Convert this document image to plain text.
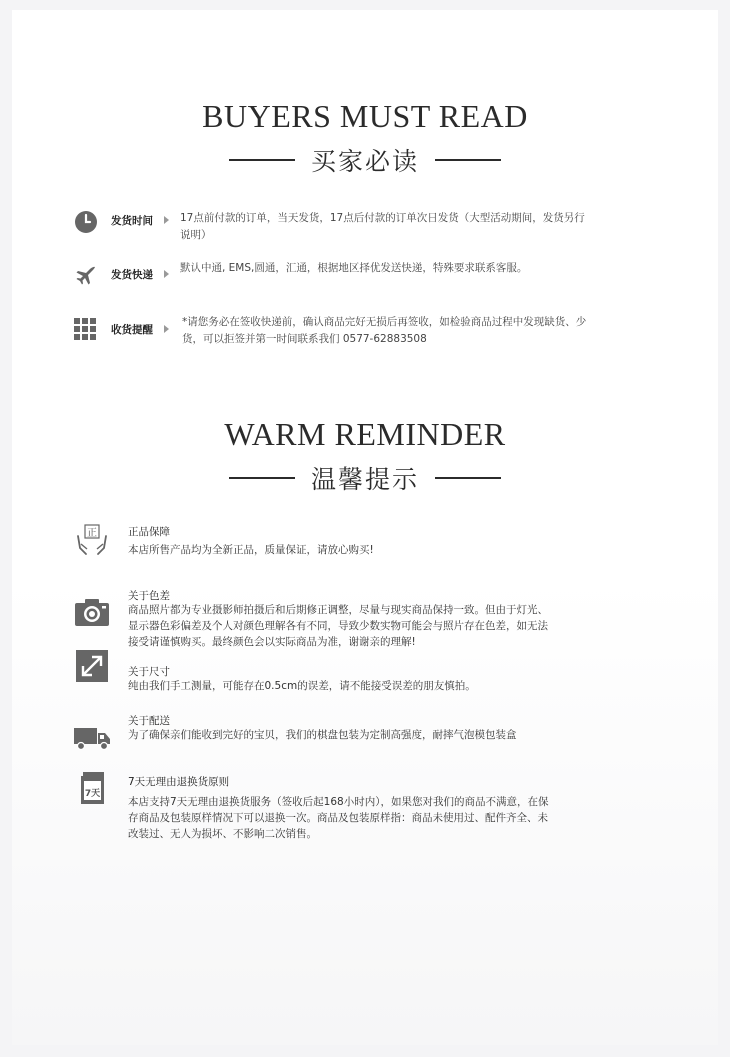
BUYERS MUST READ
买家必读
发货时间	17点前付款的订单，当天发货，17点后付款的订单次日发货（大型活动期间，发货另行说明）
发货快递
默认中通, EMS,圆通，汇通，根据地区择优发送快递，特殊要求联系客服。
收货提醒
*请您务必在签收快递前，确认商品完好无损后再签收，如检验商品过程中发现缺货、少货，可以拒签并第一时间联系我们 0577-62883508
WARM REMINDER
温馨提示
正	正品保障
本店所售产品均为全新正品，质量保证，请放心购买!
关于色差
商品照片都为专业摄影师拍摄后和后期修正调整，尽量与现实商品保持一致。但由于灯光、显示器色彩偏差及个人对颜色理解各有不同，导致少数实物可能会与照片存在色差，如无法接受请谨慎购买。最终颜色会以实际商品为准，谢谢亲的理解!
关于尺寸
纯由我们手工测量，可能存在0.5cm的误差，请不能接受误差的朋友慎拍。
关于配送
为了确保亲们能收到完好的宝贝，我们的棋盘包装为定制高强度，耐摔气泡模包装盒
7天
7天无理由退换货原则
本店支持7天无理由退换货服务（签收后起168小时内），如果您对我们的商品不满意，在保存商品及包装原样情况下可以退换一次。商品及包装原样指：商品未使用过、配件齐全、未改装过、无人为损坏、不影响二次销售。
